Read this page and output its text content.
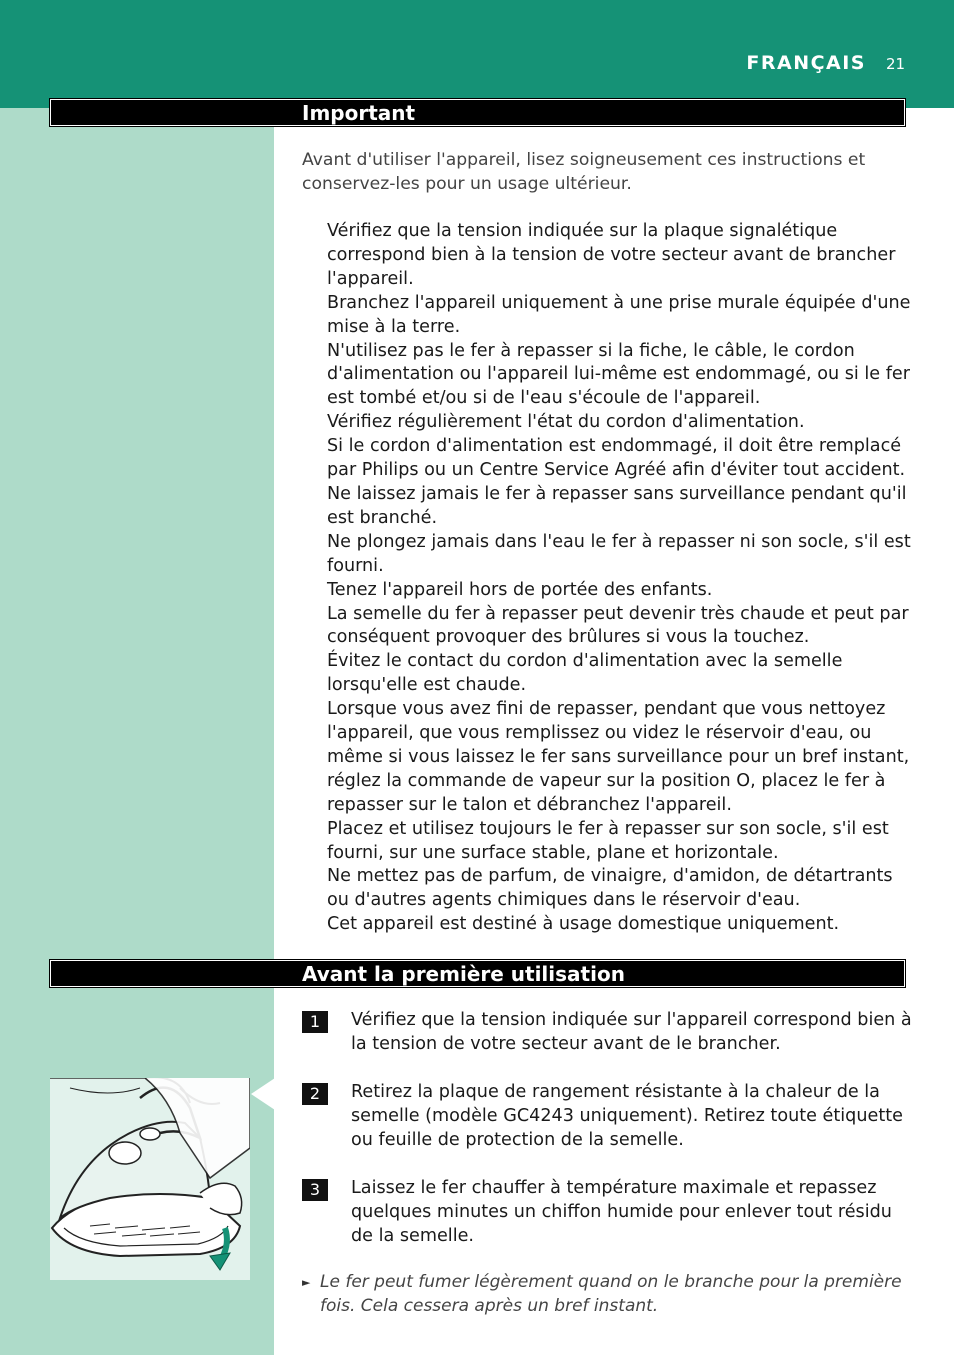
FRANÇAIS 21
Important
Avant d'utiliser l'appareil, lisez soigneusement ces instructions et conservez-les pour un usage ultérieur.
Vérifiez que la tension indiquée sur la plaque signalétique correspond bien à la tension de votre secteur avant de brancher l'appareil.
Branchez l'appareil uniquement à une prise murale équipée d'une mise à la terre.
N'utilisez pas le fer à repasser si la fiche, le câble, le cordon d'alimentation ou l'appareil lui-même est endommagé, ou si le fer est tombé et/ou si de l'eau s'écoule de l'appareil.
Vérifiez régulièrement l'état du cordon d'alimentation.
Si le cordon d'alimentation est endommagé, il doit être remplacé par Philips ou un Centre Service Agréé afin d'éviter tout accident.
Ne laissez jamais le fer à repasser sans surveillance pendant qu'il est branché.
Ne plongez jamais dans l'eau le fer à repasser ni son socle, s'il est fourni.
Tenez l'appareil hors de portée des enfants.
La semelle du fer à repasser peut devenir très chaude et peut par conséquent provoquer des brûlures si vous la touchez.
Évitez le contact du cordon d'alimentation avec la semelle lorsqu'elle est chaude.
Lorsque vous avez fini de repasser, pendant que vous nettoyez l'appareil, que vous remplissez ou videz le réservoir d'eau, ou même si vous laissez le fer sans surveillance pour un bref instant, réglez la commande de vapeur sur la position O, placez le fer à repasser sur le talon et débranchez l'appareil.
Placez et utilisez toujours le fer à repasser sur son socle, s'il est fourni, sur une surface stable, plane et horizontale.
Ne mettez pas de parfum, de vinaigre, d'amidon, de détartrants ou d'autres agents chimiques dans le réservoir d'eau.
Cet appareil est destiné à usage domestique uniquement.
Avant la première utilisation
1	Vérifiez que la tension indiquée sur l'appareil correspond bien à la tension de votre secteur avant de le brancher.
2	Retirez la plaque de rangement résistante à la chaleur de la semelle (modèle GC4243 uniquement). Retirez toute étiquette ou feuille de protection de la semelle.
3	Laissez le fer chauffer à température maximale et repassez quelques minutes un chiffon humide pour enlever tout résidu de la semelle.
► Le fer peut fumer légèrement quand on le branche pour la première fois. Cela cessera après un bref instant.
